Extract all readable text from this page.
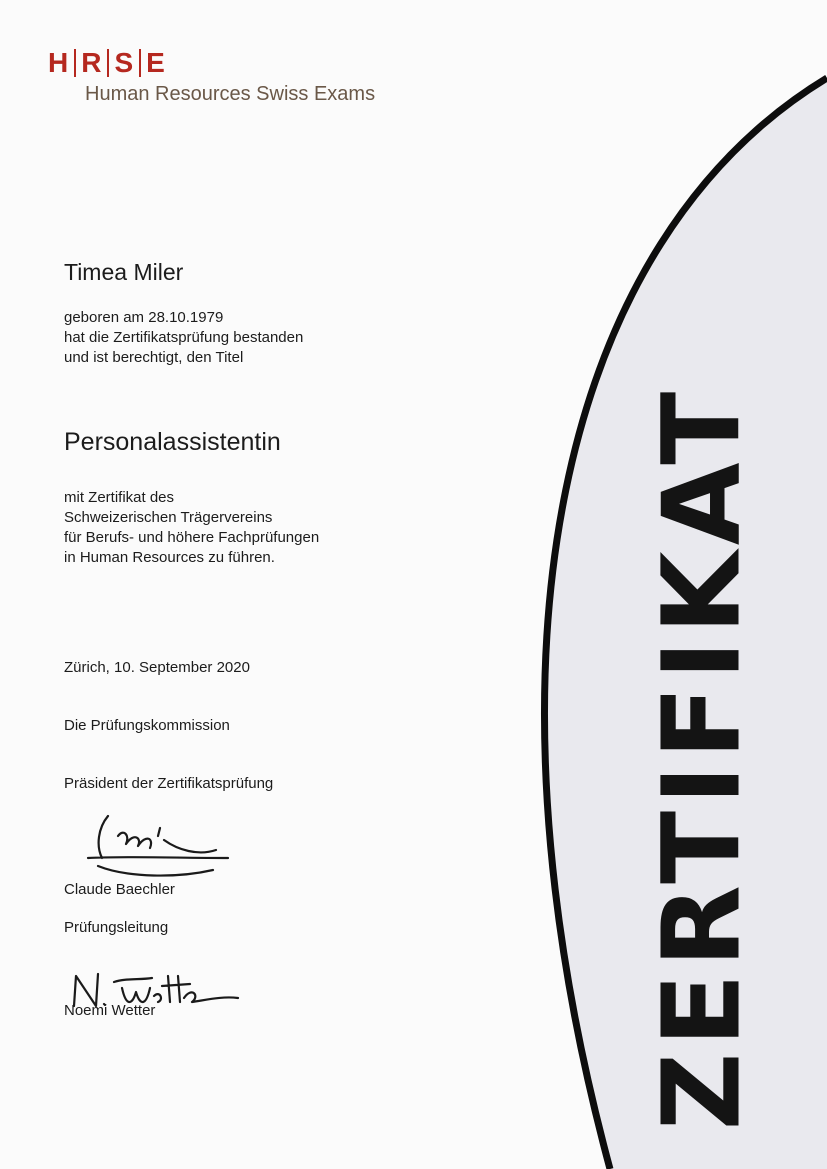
H R S E
Human Resources Swiss Exams
Timea Miler
geboren am 28.10.1979
hat die Zertifikatsprüfung bestanden
und ist berechtigt, den Titel
Personalassistentin
mit Zertifikat des
Schweizerischen Trägervereins
für Berufs- und höhere Fachprüfungen
in Human Resources zu führen.
Zürich, 10. September 2020
Die Prüfungskommission
Präsident der Zertifikatsprüfung
Claude Baechler
Prüfungsleitung
Noemi Wetter	ZERTIFIKAT
